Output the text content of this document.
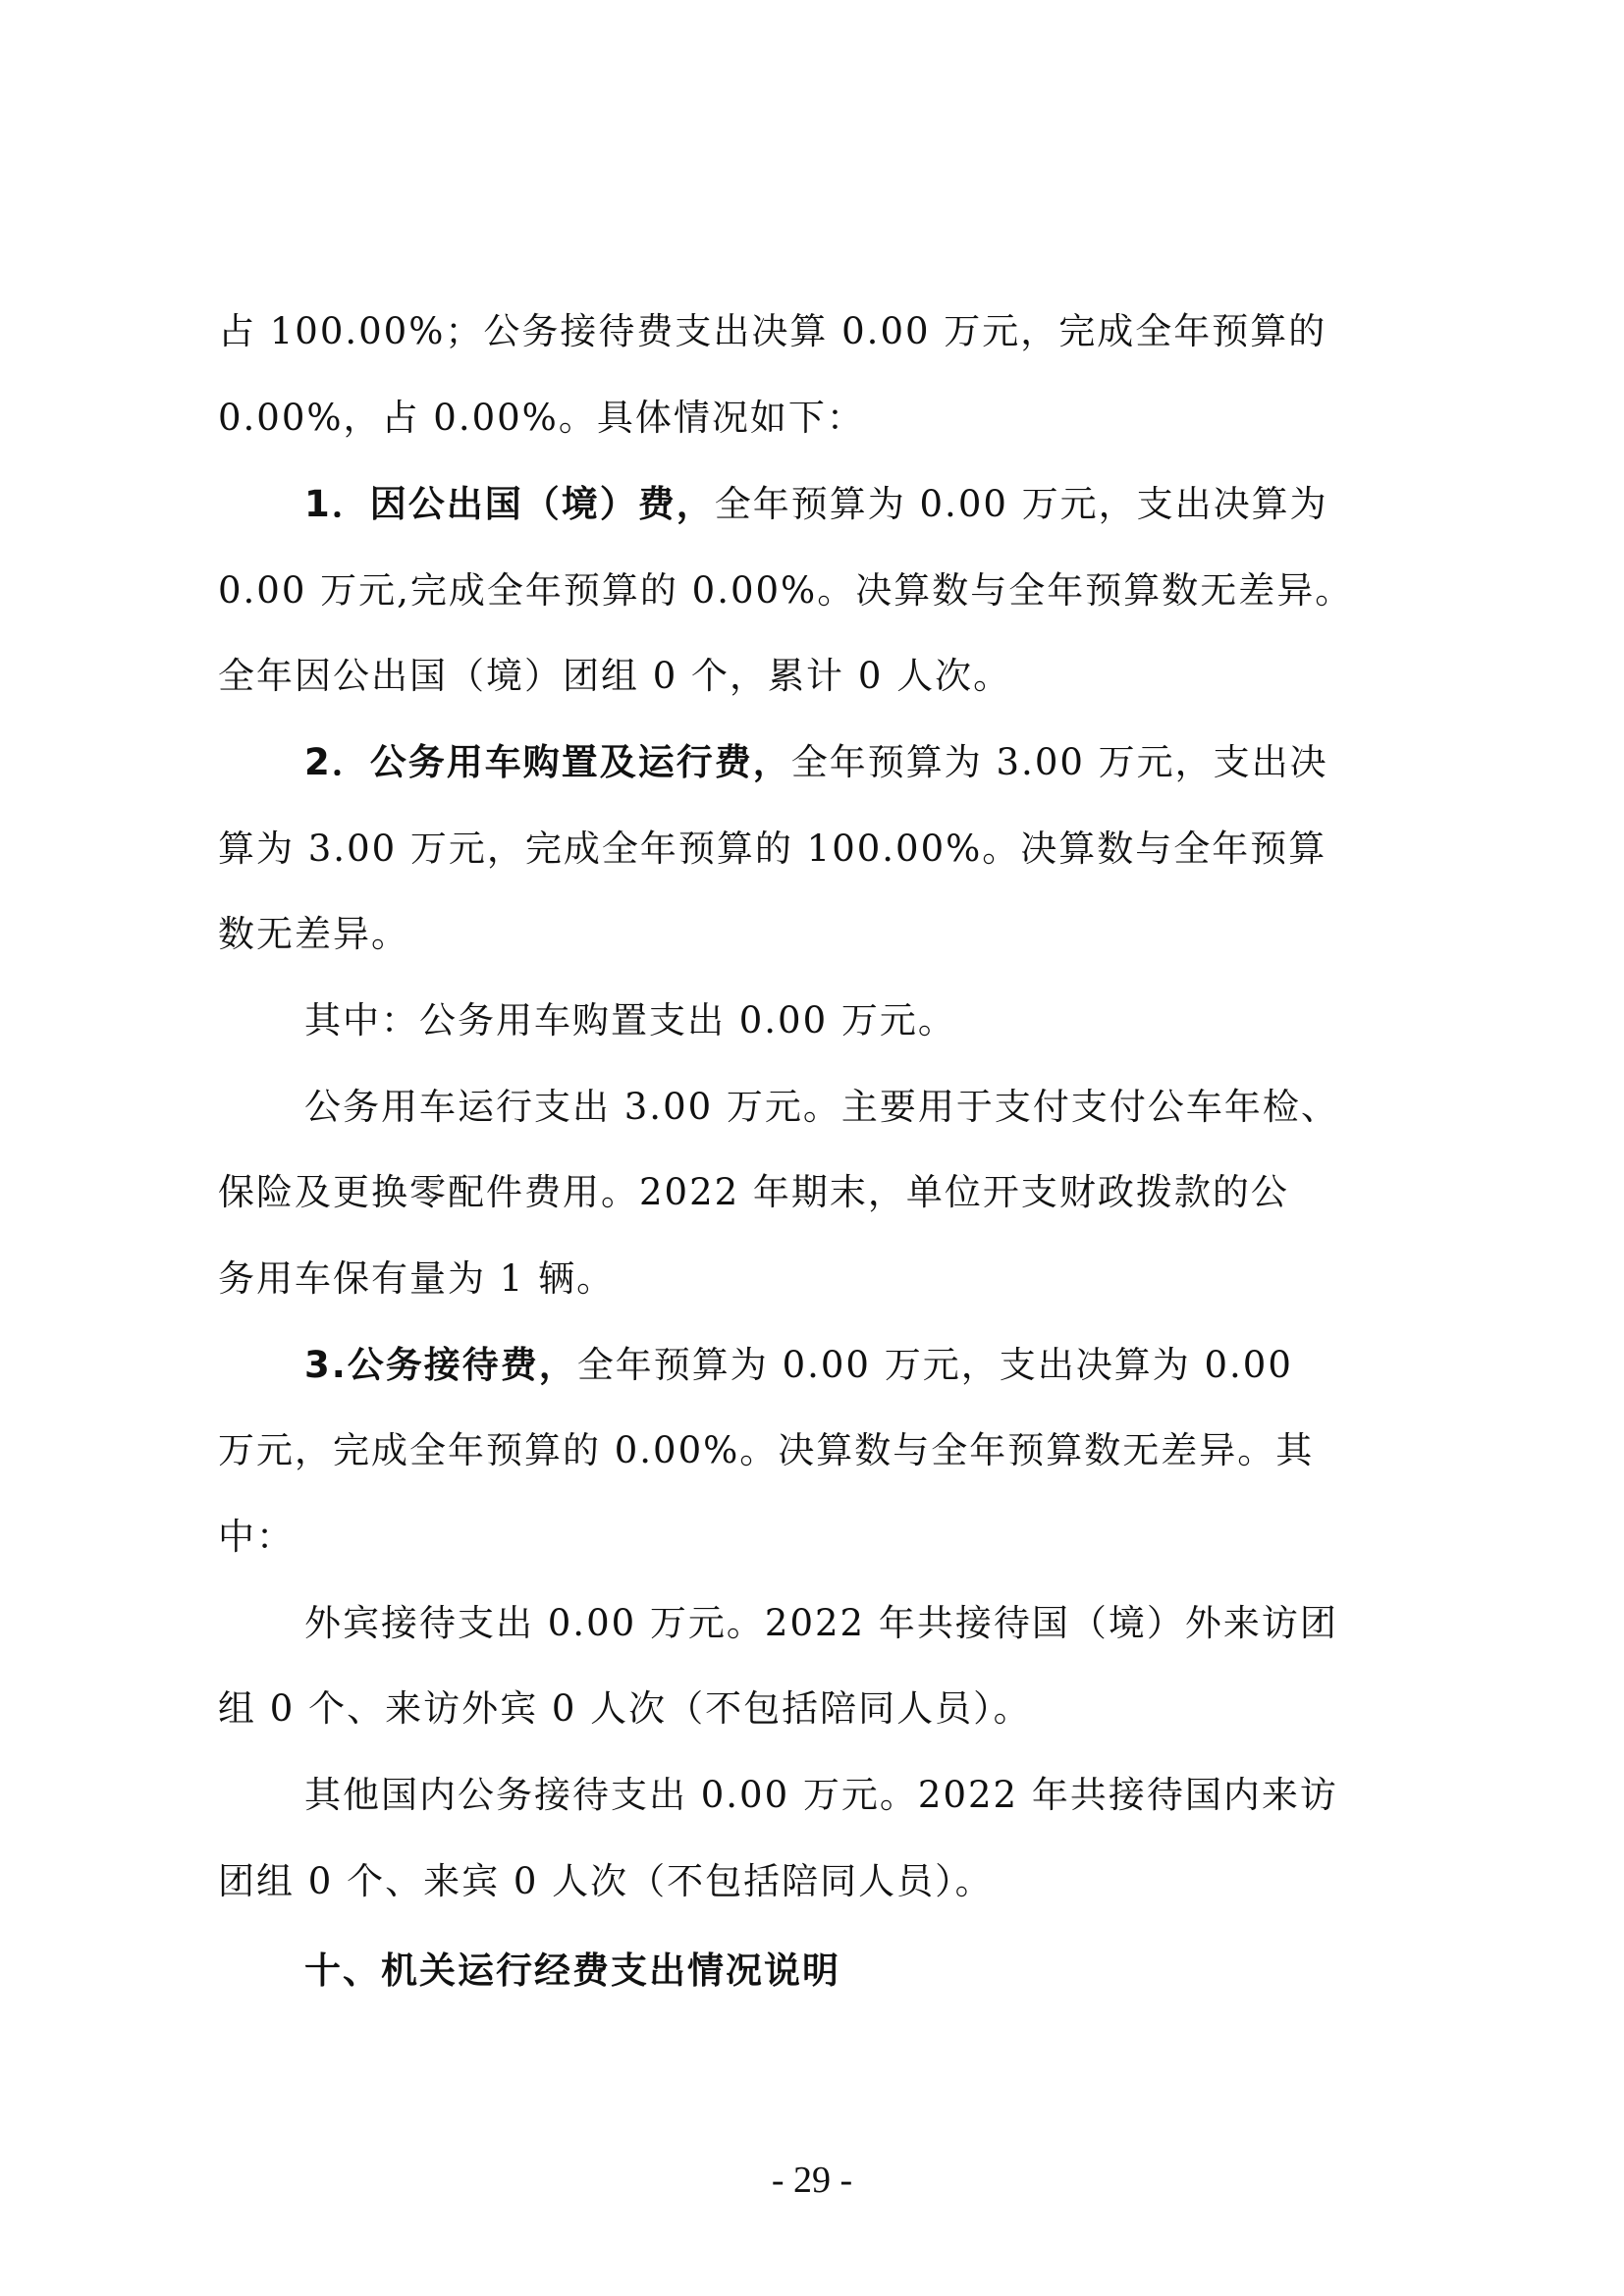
占 100.00%；公务接待费支出决算 0.00 万元，完成全年预算的
0.00%，占 0.00%。具体情况如下：
1．因公出国（境）费，全年预算为 0.00 万元，支出决算为
0.00 万元,完成全年预算的 0.00%。决算数与全年预算数无差异。
全年因公出国（境）团组 0 个，累计 0 人次。
2．公务用车购置及运行费，全年预算为 3.00 万元，支出决
算为 3.00 万元，完成全年预算的 100.00%。决算数与全年预算
数无差异。
其中：公务用车购置支出 0.00 万元。
公务用车运行支出 3.00 万元。主要用于支付支付公车年检、
保险及更换零配件费用。2022 年期末，单位开支财政拨款的公
务用车保有量为 1 辆。
3.公务接待费，全年预算为 0.00 万元，支出决算为 0.00
万元，完成全年预算的 0.00%。决算数与全年预算数无差异。其
中：
外宾接待支出 0.00 万元。2022 年共接待国（境）外来访团
组 0 个、来访外宾 0 人次（不包括陪同人员）。
其他国内公务接待支出 0.00 万元。2022 年共接待国内来访
团组 0 个、来宾 0 人次（不包括陪同人员）。
十、机关运行经费支出情况说明
- 29 -
